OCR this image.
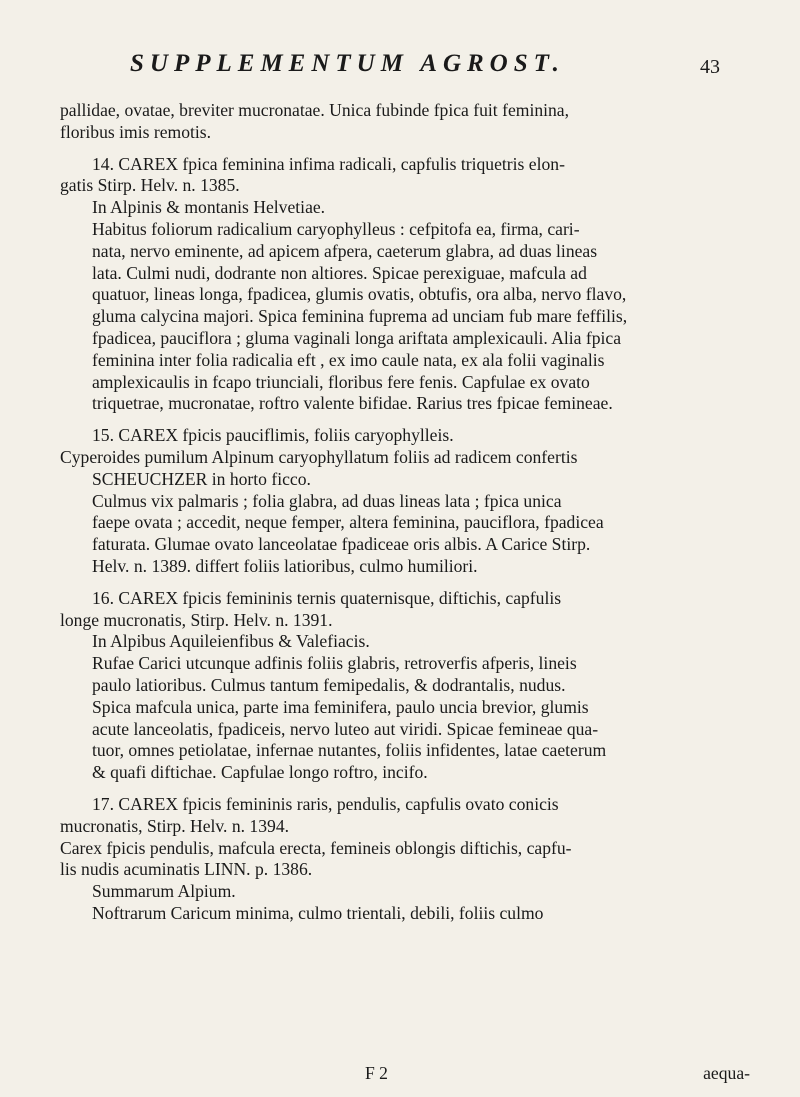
SUPPLEMENTUM AGROST.	43

pallidae, ovatae, breviter mucronatae. Unica fubinde fpica fuit feminina,

floribus imis remotis.

14. CAREX fpica feminina infima radicali, capfulis triquetris elon-

gatis Stirp. Helv. n. 1385.

In Alpinis & montanis Helvetiae.

Habitus foliorum radicalium caryophylleus : cefpitofa ea, firma, cari-

nata, nervo eminente, ad apicem afpera, caeterum glabra, ad duas lineas

lata. Culmi nudi, dodrante non altiores. Spicae perexiguae, mafcula ad

quatuor, lineas longa, fpadicea, glumis ovatis, obtufis, ora alba, nervo flavo,

gluma calycina majori. Spica feminina fuprema ad unciam fub mare feffilis,

fpadicea, pauciflora ; gluma vaginali longa ariftata amplexicauli. Alia fpica

feminina inter folia radicalia eft , ex imo caule nata, ex ala folii vaginalis

amplexicaulis in fcapo triunciali, floribus fere fenis. Capfulae ex ovato

triquetrae, mucronatae, roftro valente bifidae. Rarius tres fpicae femineae.

15. CAREX fpicis pauciflimis, foliis caryophylleis.

Cyperoides pumilum Alpinum caryophyllatum foliis ad radicem confertis

SCHEUCHZER in horto ficco.

Culmus vix palmaris ; folia glabra, ad duas lineas lata ; fpica unica

faepe ovata ; accedit, neque femper, altera feminina, pauciflora, fpadicea

faturata. Glumae ovato lanceolatae fpadiceae oris albis. A Carice Stirp.

Helv. n. 1389. differt foliis latioribus, culmo humiliori.

16. CAREX fpicis femininis ternis quaternisque, diftichis, capfulis

longe mucronatis, Stirp. Helv. n. 1391.

In Alpibus Aquileienfibus & Valefiacis.

Rufae Carici utcunque adfinis foliis glabris, retroverfis afperis, lineis

paulo latioribus. Culmus tantum femipedalis, & dodrantalis, nudus.

Spica mafcula unica, parte ima feminifera, paulo uncia brevior, glumis

acute lanceolatis, fpadiceis, nervo luteo aut viridi. Spicae femineae qua-

tuor, omnes petiolatae, infernae nutantes, foliis infidentes, latae caeterum

& quafi diftichae. Capfulae longo roftro, incifo.

17. CAREX fpicis femininis raris, pendulis, capfulis ovato conicis

mucronatis, Stirp. Helv. n. 1394.

Carex fpicis pendulis, mafcula erecta, femineis oblongis diftichis, capfu-

lis nudis acuminatis LINN. p. 1386.

Summarum Alpium.

Noftrarum Caricum minima, culmo trientali, debili, foliis culmo

F 2	aequa-
